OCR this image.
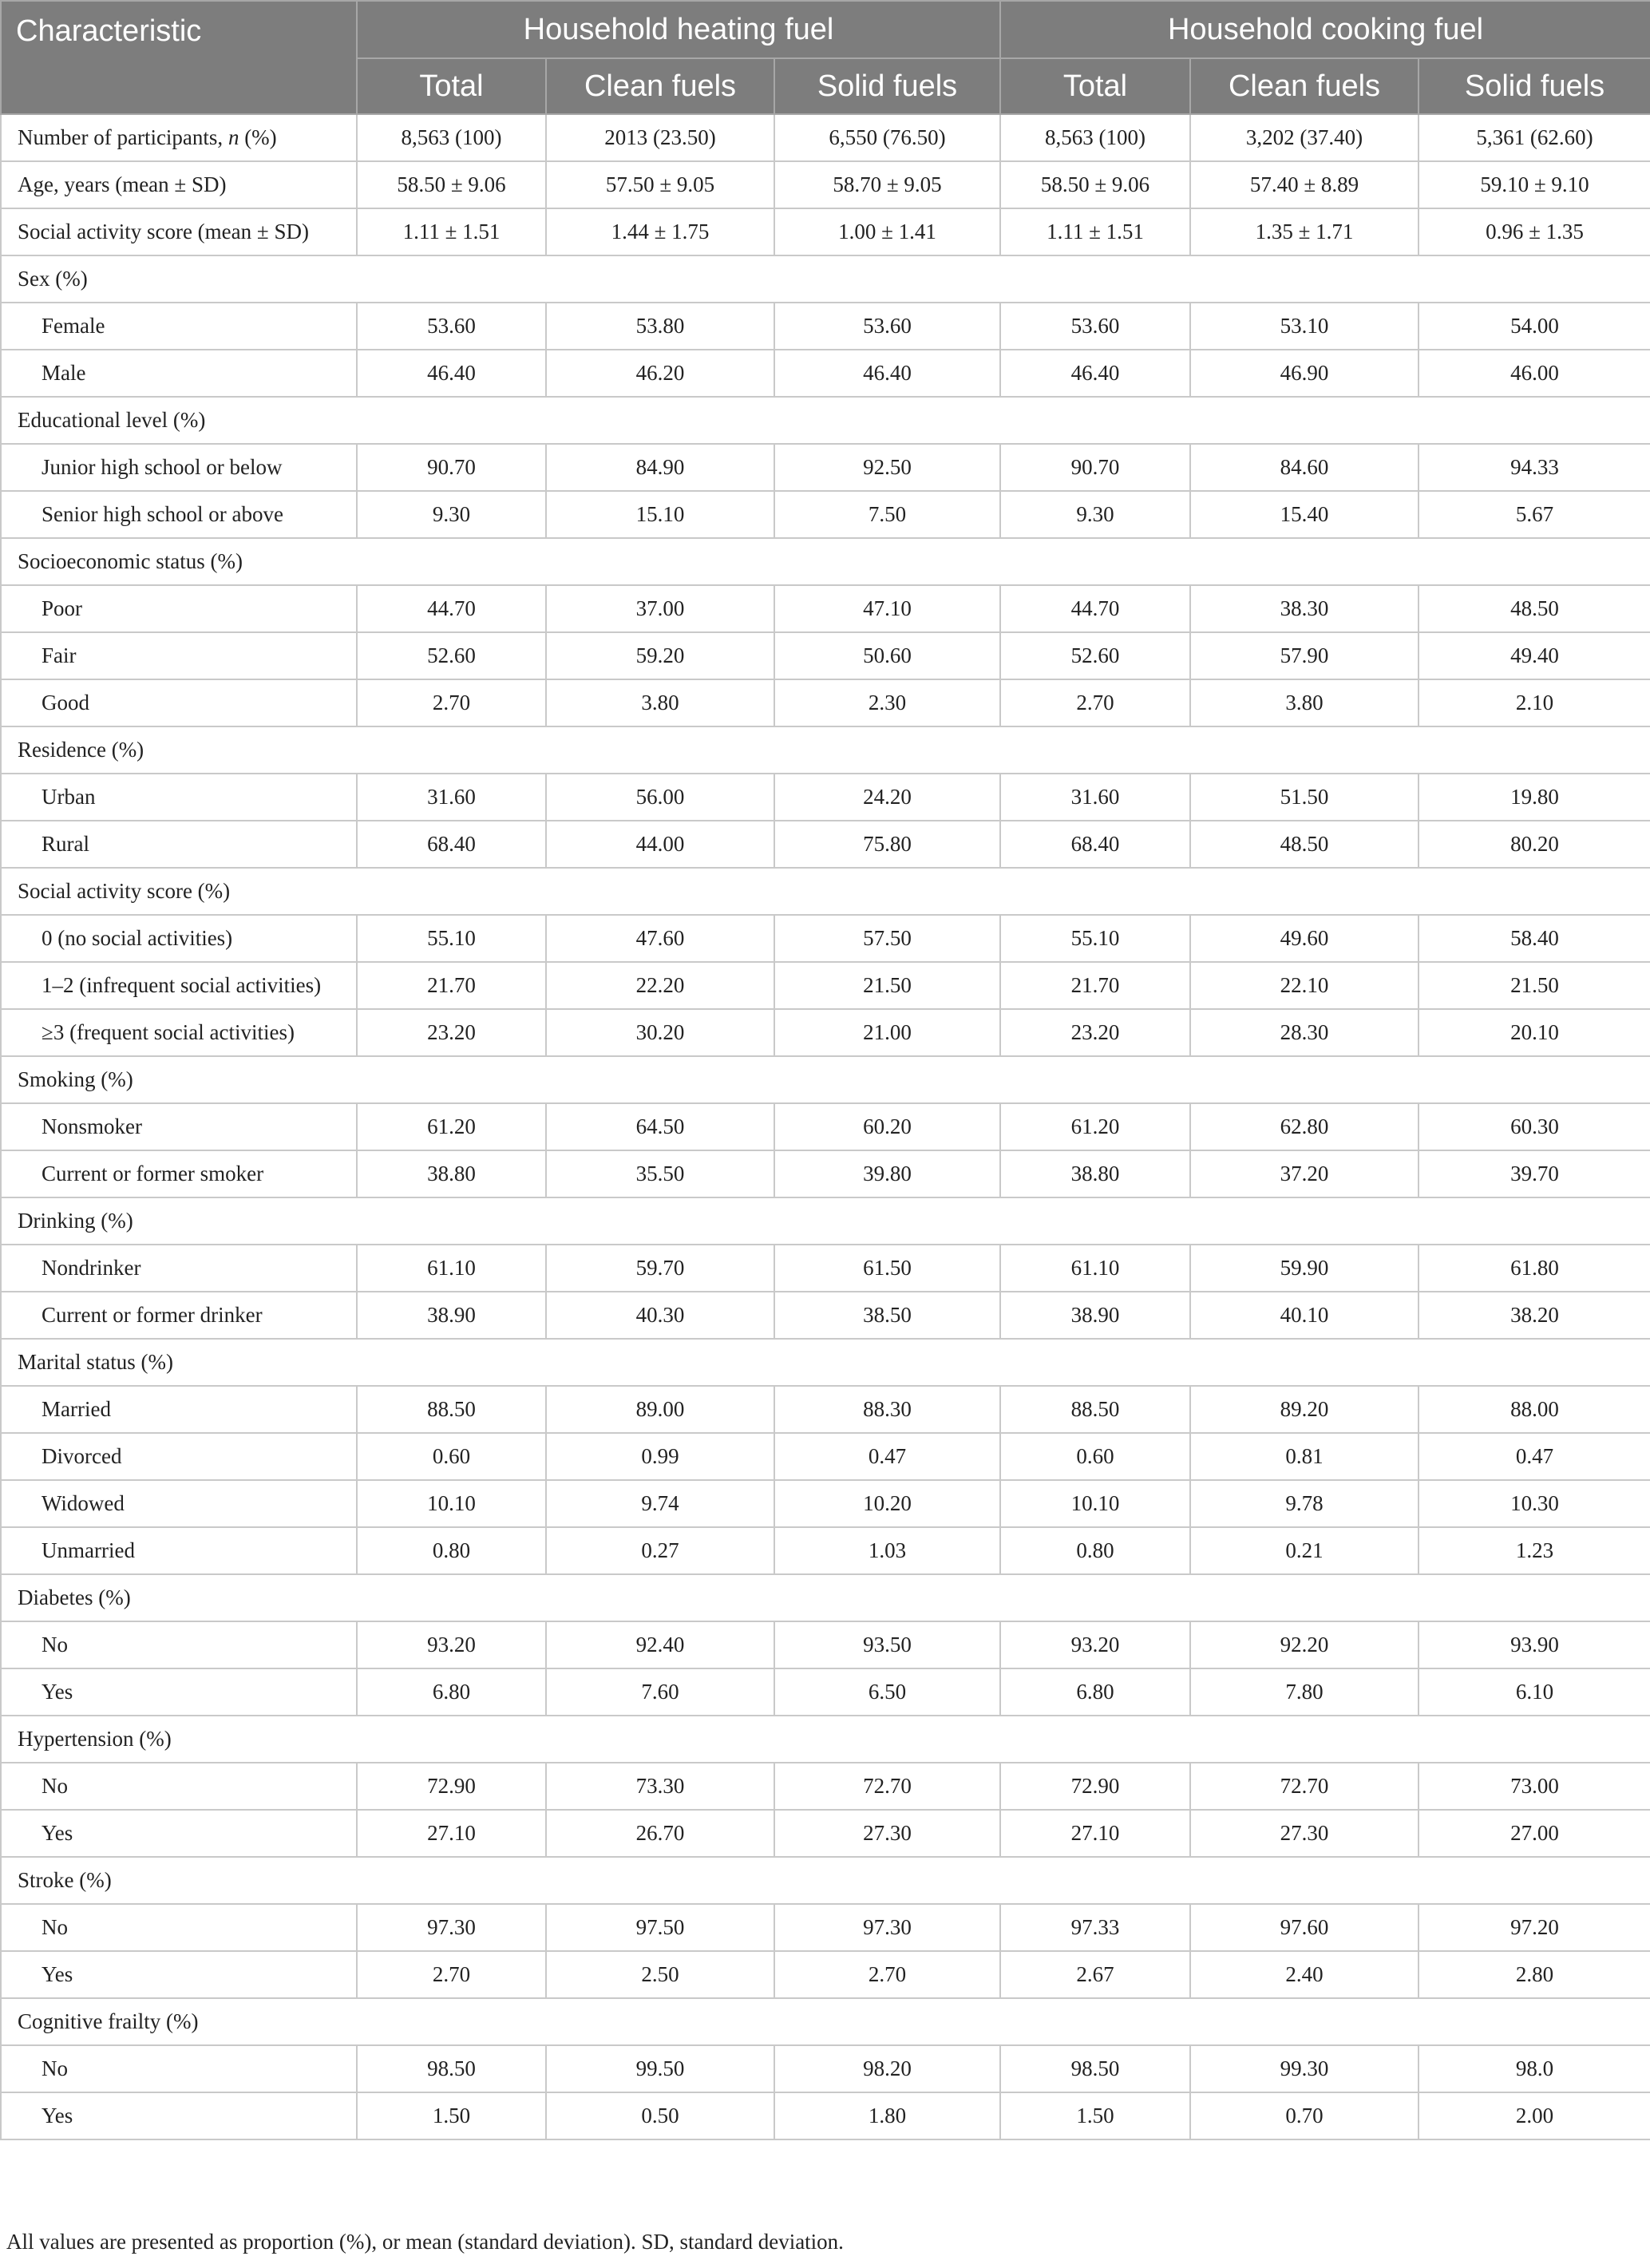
Characteristic	Household heating fuel			Household cooking fuel		
	Total	Clean fuels	Solid fuels	Total	Clean fuels	Solid fuels
Number of participants, n (%)	8,563 (100)	2013 (23.50)	6,550 (76.50)	8,563 (100)	3,202 (37.40)	5,361 (62.60)
Age, years (mean ± SD)	58.50 ± 9.06	57.50 ± 9.05	58.70 ± 9.05	58.50 ± 9.06	57.40 ± 8.89	59.10 ± 9.10
Social activity score (mean ± SD)	1.11 ± 1.51	1.44 ± 1.75	1.00 ± 1.41	1.11 ± 1.51	1.35 ± 1.71	0.96 ± 1.35
Sex (%)						
Female	53.60	53.80	53.60	53.60	53.10	54.00
Male	46.40	46.20	46.40	46.40	46.90	46.00
Educational level (%)						
Junior high school or below	90.70	84.90	92.50	90.70	84.60	94.33
Senior high school or above	9.30	15.10	7.50	9.30	15.40	5.67
Socioeconomic status (%)						
Poor	44.70	37.00	47.10	44.70	38.30	48.50
Fair	52.60	59.20	50.60	52.60	57.90	49.40
Good	2.70	3.80	2.30	2.70	3.80	2.10
Residence (%)						
Urban	31.60	56.00	24.20	31.60	51.50	19.80
Rural	68.40	44.00	75.80	68.40	48.50	80.20
Social activity score (%)						
0 (no social activities)	55.10	47.60	57.50	55.10	49.60	58.40
1–2 (infrequent social activities)	21.70	22.20	21.50	21.70	22.10	21.50
≥3 (frequent social activities)	23.20	30.20	21.00	23.20	28.30	20.10
Smoking (%)						
Nonsmoker	61.20	64.50	60.20	61.20	62.80	60.30
Current or former smoker	38.80	35.50	39.80	38.80	37.20	39.70
Drinking (%)						
Nondrinker	61.10	59.70	61.50	61.10	59.90	61.80
Current or former drinker	38.90	40.30	38.50	38.90	40.10	38.20
Marital status (%)						
Married	88.50	89.00	88.30	88.50	89.20	88.00
Divorced	0.60	0.99	0.47	0.60	0.81	0.47
Widowed	10.10	9.74	10.20	10.10	9.78	10.30
Unmarried	0.80	0.27	1.03	0.80	0.21	1.23
Diabetes (%)						
No	93.20	92.40	93.50	93.20	92.20	93.90
Yes	6.80	7.60	6.50	6.80	7.80	6.10
Hypertension (%)						
No	72.90	73.30	72.70	72.90	72.70	73.00
Yes	27.10	26.70	27.30	27.10	27.30	27.00
Stroke (%)						
No	97.30	97.50	97.30	97.33	97.60	97.20
Yes	2.70	2.50	2.70	2.67	2.40	2.80
Cognitive frailty (%)						
No	98.50	99.50	98.20	98.50	99.30	98.0
Yes	1.50	0.50	1.80	1.50	0.70	2.00
All values are presented as proportion (%), or mean (standard deviation). SD, standard deviation.
